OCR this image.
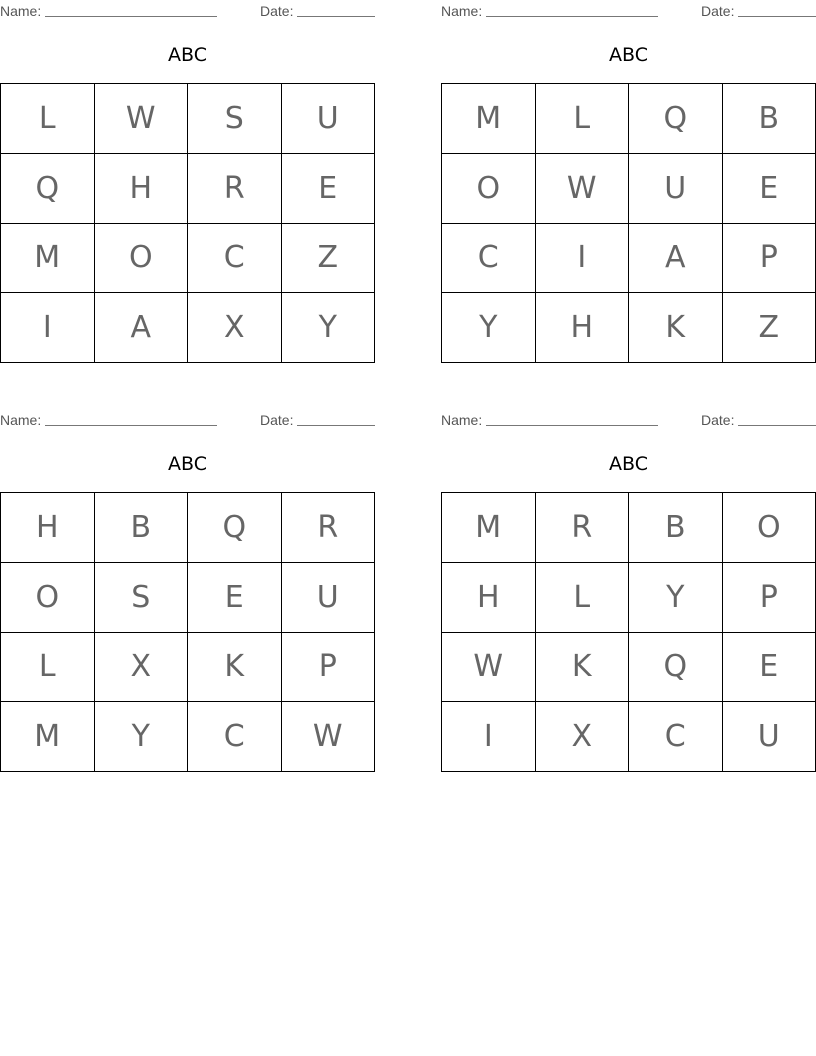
Name:	Date:
ABC
L	W	S	U
Q	H	R	E
M	O	C	Z
I	A	X	Y
Name:	Date:
ABC
M	L	Q	B
O	W	U	E
C	I	A	P
Y	H	K	Z
Name:	Date:
ABC
H	B	Q	R
O	S	E	U
L	X	K	P
M	Y	C	W
Name:	Date:
ABC
M	R	B	O
H	L	Y	P
W	K	Q	E
I	X	C	U
